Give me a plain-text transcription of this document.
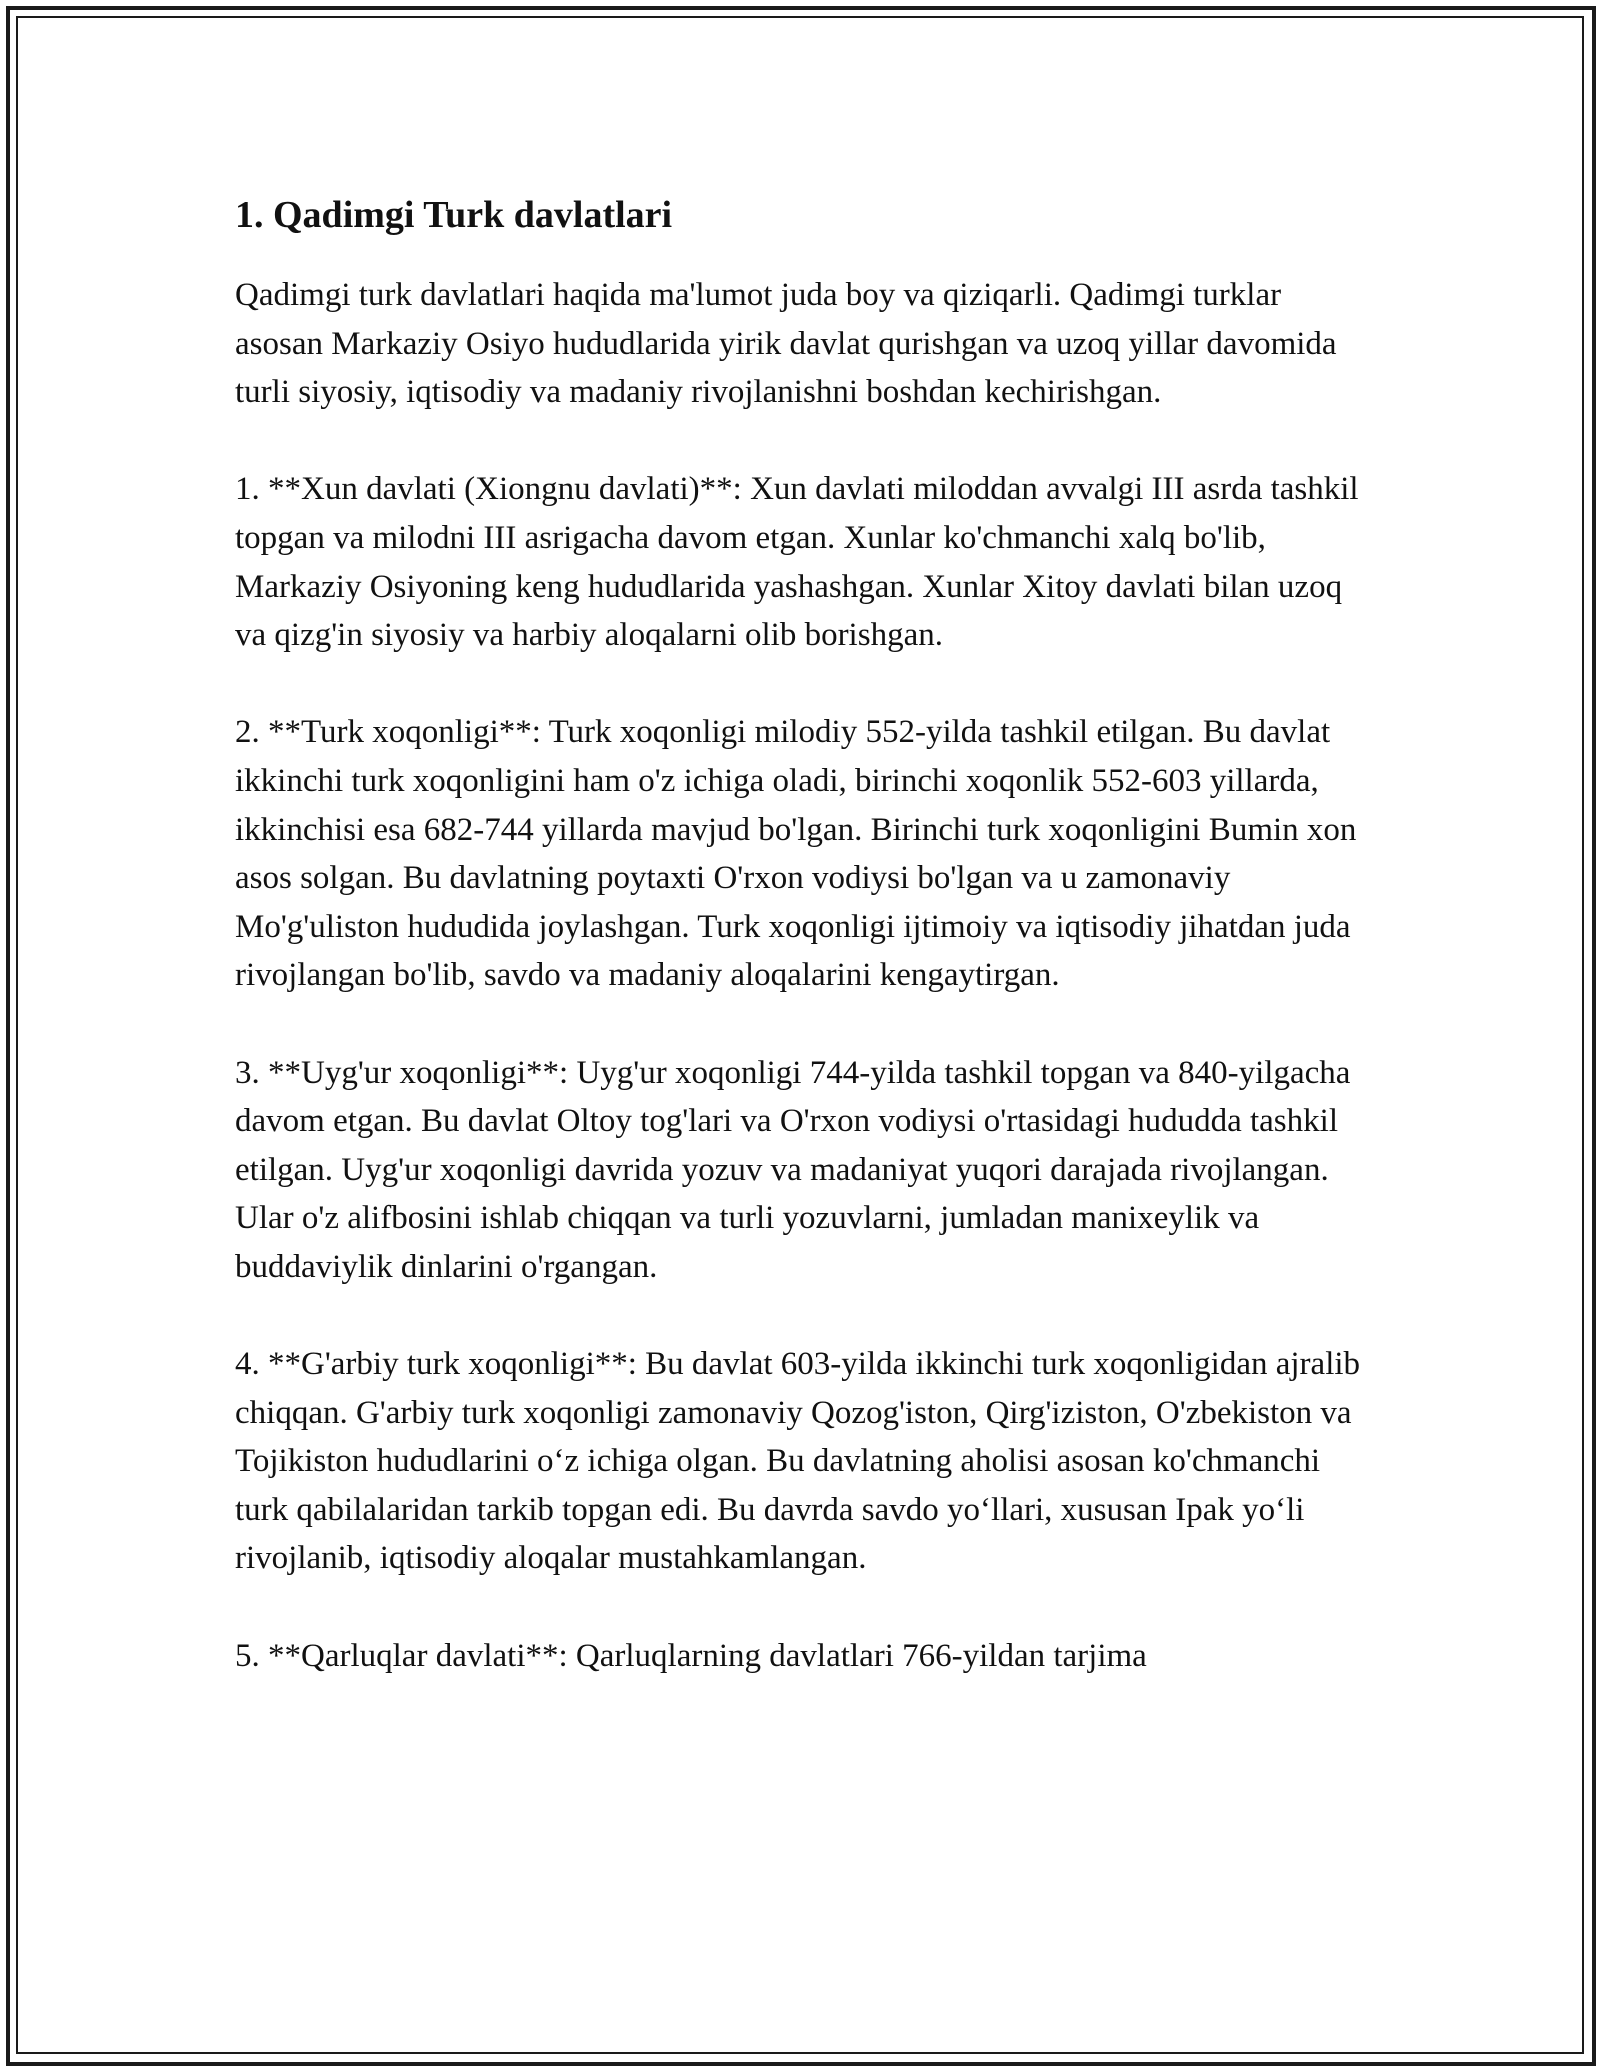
1. Qadimgi Turk davlatlari

Qadimgi turk davlatlari haqida ma'lumot juda boy va qiziqarli. Qadimgi turklar asosan Markaziy Osiyo hududlarida yirik davlat qurishgan va uzoq yillar davomida turli siyosiy, iqtisodiy va madaniy rivojlanishni boshdan kechirishgan.

1. **Xun davlati (Xiongnu davlati)**: Xun davlati miloddan avvalgi III asrda tashkil topgan va milodni III asrigacha davom etgan. Xunlar ko'chmanchi xalq bo'lib, Markaziy Osiyoning keng hududlarida yashashgan. Xunlar Xitoy davlati bilan uzoq va qizg'in siyosiy va harbiy aloqalarni olib borishgan.

2. **Turk xoqonligi**: Turk xoqonligi milodiy 552-yilda tashkil etilgan. Bu davlat ikkinchi turk xoqonligini ham o'z ichiga oladi, birinchi xoqonlik 552-603 yillarda, ikkinchisi esa 682-744 yillarda mavjud bo'lgan. Birinchi turk xoqonligini Bumin xon asos solgan. Bu davlatning poytaxti O'rxon vodiysi bo'lgan va u zamonaviy Mo'g'uliston hududida joylashgan. Turk xoqonligi ijtimoiy va iqtisodiy jihatdan juda rivojlangan bo'lib, savdo va madaniy aloqalarini kengaytirgan.

3. **Uyg'ur xoqonligi**: Uyg'ur xoqonligi 744-yilda tashkil topgan va 840-yilgacha davom etgan. Bu davlat Oltoy tog'lari va O'rxon vodiysi o'rtasidagi hududda tashkil etilgan. Uyg'ur xoqonligi davrida yozuv va madaniyat yuqori darajada rivojlangan. Ular o'z alifbosini ishlab chiqqan va turli yozuvlarni, jumladan manixeylik va buddaviylik dinlarini o'rgangan.

4. **G'arbiy turk xoqonligi**: Bu davlat 603-yilda ikkinchi turk xoqonligidan ajralib chiqqan. G'arbiy turk xoqonligi zamonaviy Qozog'iston, Qirg'iziston, O'zbekiston va Tojikiston hududlarini oʻz ichiga olgan. Bu davlatning aholisi asosan ko'chmanchi turk qabilalaridan tarkib topgan edi. Bu davrda savdo yoʻllari, xususan Ipak yoʻli rivojlanib, iqtisodiy aloqalar mustahkamlangan.

5. **Qarluqlar davlati**: Qarluqlarning davlatlari 766-yildan tarjima
